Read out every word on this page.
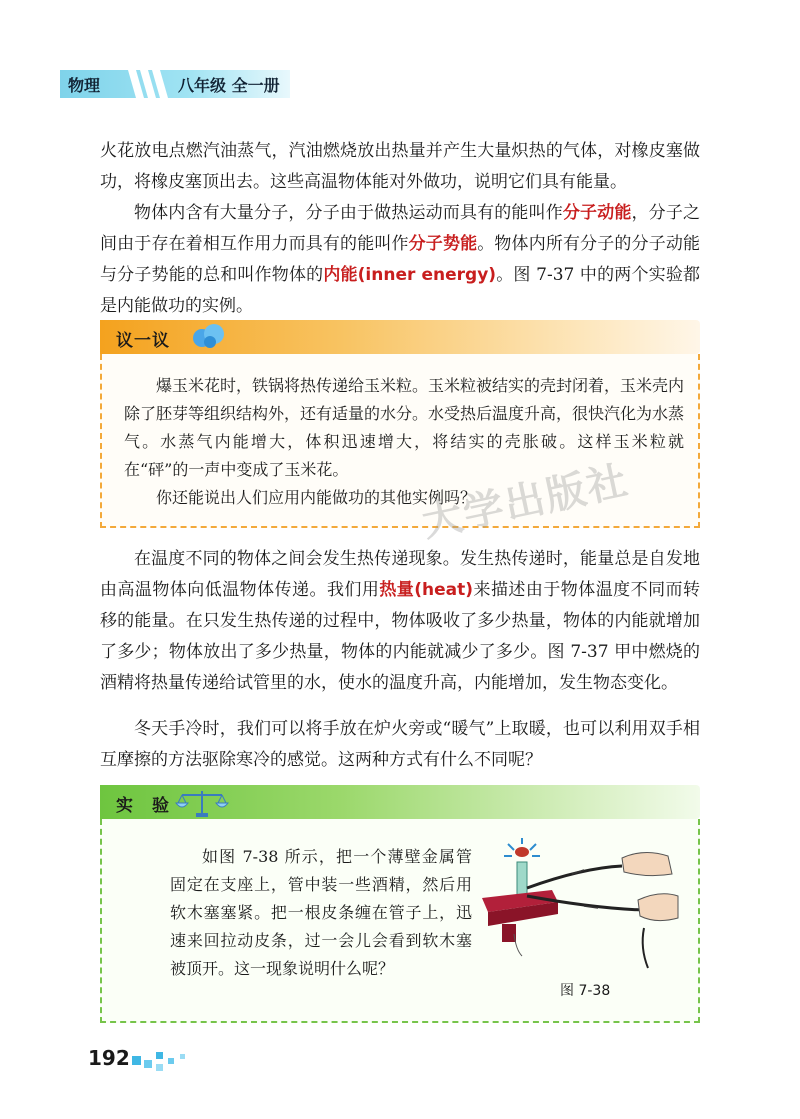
物理	八年级 全一册

火花放电点燃汽油蒸气，汽油燃烧放出热量并产生大量炽热的气体，对橡皮塞做功，将橡皮塞顶出去。这些高温物体能对外做功，说明它们具有能量。

物体内含有大量分子，分子由于做热运动而具有的能叫作分子动能，分子之间由于存在着相互作用力而具有的能叫作分子势能。物体内所有分子的分子动能与分子势能的总和叫作物体的内能(inner energy)。图 7-37 中的两个实验都是内能做功的实例。

议一议

爆玉米花时，铁锅将热传递给玉米粒。玉米粒被结实的壳封闭着，玉米壳内除了胚芽等组织结构外，还有适量的水分。水受热后温度升高，很快汽化为水蒸气。水蒸气内能增大，体积迅速增大，将结实的壳胀破。这样玉米粒就在“砰”的一声中变成了玉米花。

你还能说出人们应用内能做功的其他实例吗？

大学出版社

在温度不同的物体之间会发生热传递现象。发生热传递时，能量总是自发地由高温物体向低温物体传递。我们用热量(heat)来描述由于物体温度不同而转移的能量。在只发生热传递的过程中，物体吸收了多少热量，物体的内能就增加了多少；物体放出了多少热量，物体的内能就减少了多少。图 7-37 甲中燃烧的酒精将热量传递给试管里的水，使水的温度升高，内能增加，发生物态变化。

冬天手冷时，我们可以将手放在炉火旁或“暖气”上取暖，也可以利用双手相互摩擦的方法驱除寒冷的感觉。这两种方式有什么不同呢？

实　验

如图 7-38 所示，把一个薄壁金属管固定在支座上，管中装一些酒精，然后用软木塞塞紧。把一根皮条缠在管子上，迅速来回拉动皮条，过一会儿会看到软木塞被顶开。这一现象说明什么呢？

图 7-38
192
